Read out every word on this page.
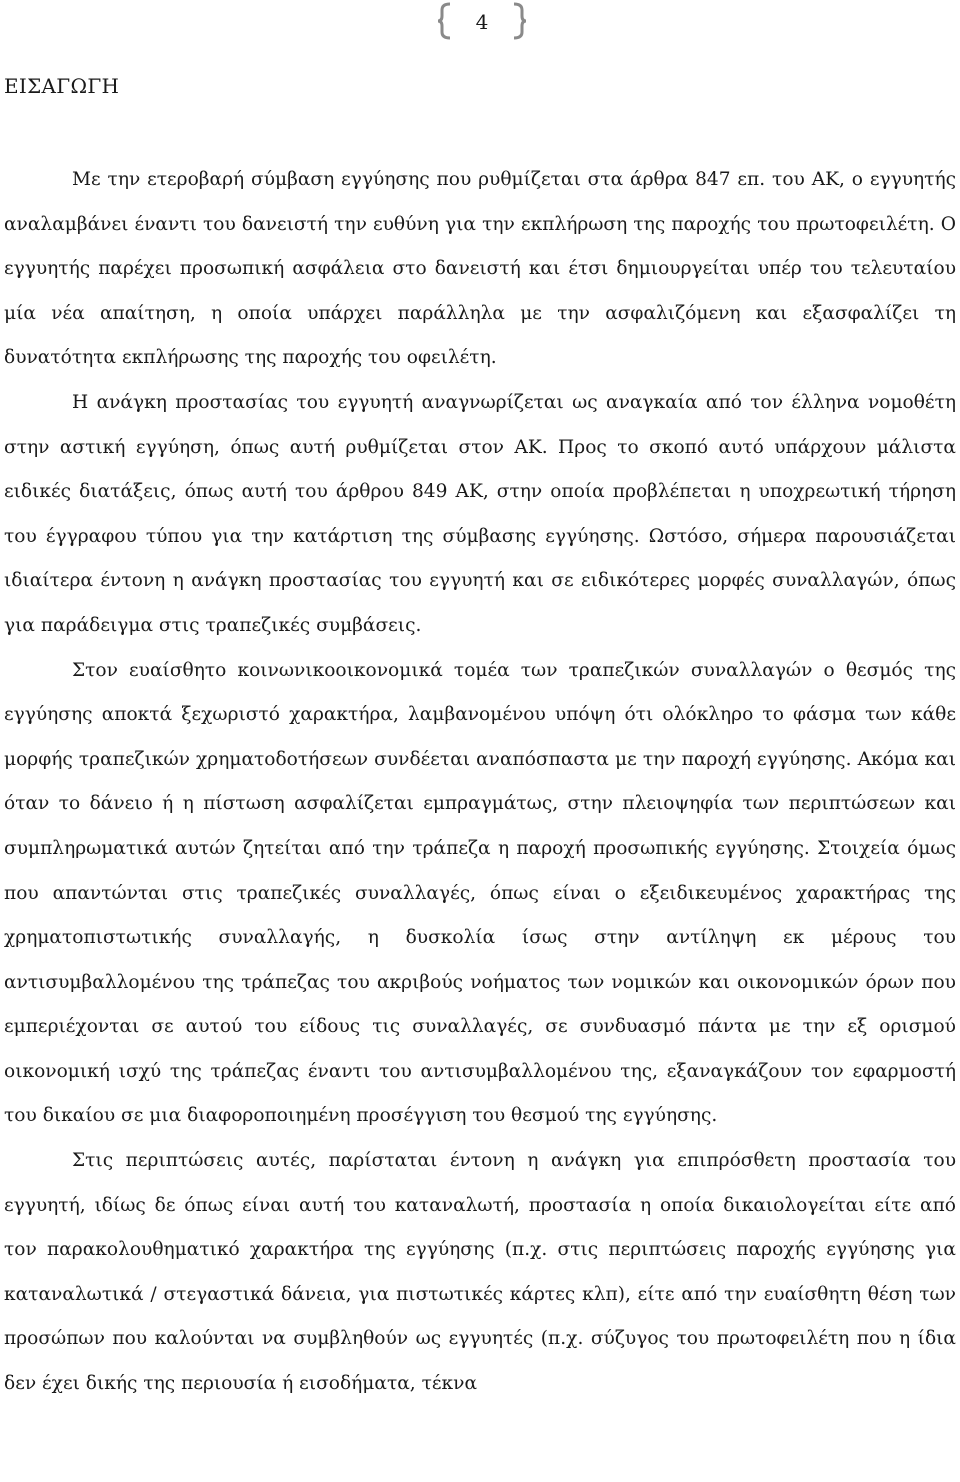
4
ΕΙΣΑΓΩΓΗ

Με την ετεροβαρή σύμβαση εγγύησης που ρυθμίζεται στα άρθρα 847 επ. του ΑΚ, ο εγγυητής αναλαμβάνει έναντι του δανειστή την ευθύνη για την εκπλήρωση της παροχής του πρωτοφειλέτη. Ο εγγυητής παρέχει προσωπική ασφάλεια στο δανειστή και έτσι δημιουργείται υπέρ του τελευταίου μία νέα απαίτηση, η οποία υπάρχει παράλληλα με την ασφαλιζόμενη και εξασφαλίζει τη δυνατότητα εκπλήρωσης της παροχής του οφειλέτη.

Η ανάγκη προστασίας του εγγυητή αναγνωρίζεται ως αναγκαία από τον έλληνα νομοθέτη στην αστική εγγύηση, όπως αυτή ρυθμίζεται στον ΑΚ. Προς το σκοπό αυτό υπάρχουν μάλιστα ειδικές διατάξεις, όπως αυτή του άρθρου 849 ΑΚ, στην οποία προβλέπεται η υποχρεωτική τήρηση του έγγραφου τύπου για την κατάρτιση της σύμβασης εγγύησης. Ωστόσο, σήμερα παρουσιάζεται ιδιαίτερα έντονη η ανάγκη προστασίας του εγγυητή και σε ειδικότερες μορφές συναλλαγών, όπως για παράδειγμα στις τραπεζικές συμβάσεις.

Στον ευαίσθητο κοινωνικοοικονομικά τομέα των τραπεζικών συναλλαγών ο θεσμός της εγγύησης αποκτά ξεχωριστό χαρακτήρα, λαμβανομένου υπόψη ότι ολόκληρο το φάσμα των κάθε μορφής τραπεζικών χρηματοδοτήσεων συνδέεται αναπόσπαστα με την παροχή εγγύησης. Ακόμα και όταν το δάνειο ή η πίστωση ασφαλίζεται εμπραγμάτως, στην πλειοψηφία των περιπτώσεων και συμπληρωματικά αυτών ζητείται από την τράπεζα η παροχή προσωπικής εγγύησης. Στοιχεία όμως που απαντώνται στις τραπεζικές συναλλαγές, όπως είναι ο εξειδικευμένος χαρακτήρας της χρηματοπιστωτικής συναλλαγής, η δυσκολία ίσως στην αντίληψη εκ μέρους του αντισυμβαλλομένου της τράπεζας του ακριβούς νοήματος των νομικών και οικονομικών όρων που εμπεριέχονται σε αυτού του είδους τις συναλλαγές, σε συνδυασμό πάντα με την εξ ορισμού οικονομική ισχύ της τράπεζας έναντι του αντισυμβαλλομένου της, εξαναγκάζουν τον εφαρμοστή του δικαίου σε μια διαφοροποιημένη προσέγγιση του θεσμού της εγγύησης.

Στις περιπτώσεις αυτές, παρίσταται έντονη η ανάγκη για επιπρόσθετη προστασία του εγγυητή, ιδίως δε όπως είναι αυτή του καταναλωτή, προστασία η οποία δικαιολογείται είτε από τον παρακολουθηματικό χαρακτήρα της εγγύησης (π.χ. στις περιπτώσεις παροχής εγγύησης για καταναλωτικά / στεγαστικά δάνεια, για πιστωτικές κάρτες κλπ), είτε από την ευαίσθητη θέση των προσώπων που καλούνται να συμβληθούν ως εγγυητές (π.χ. σύζυγος του πρωτοφειλέτη που η ίδια δεν έχει δικής της περιουσία ή εισοδήματα, τέκνα
